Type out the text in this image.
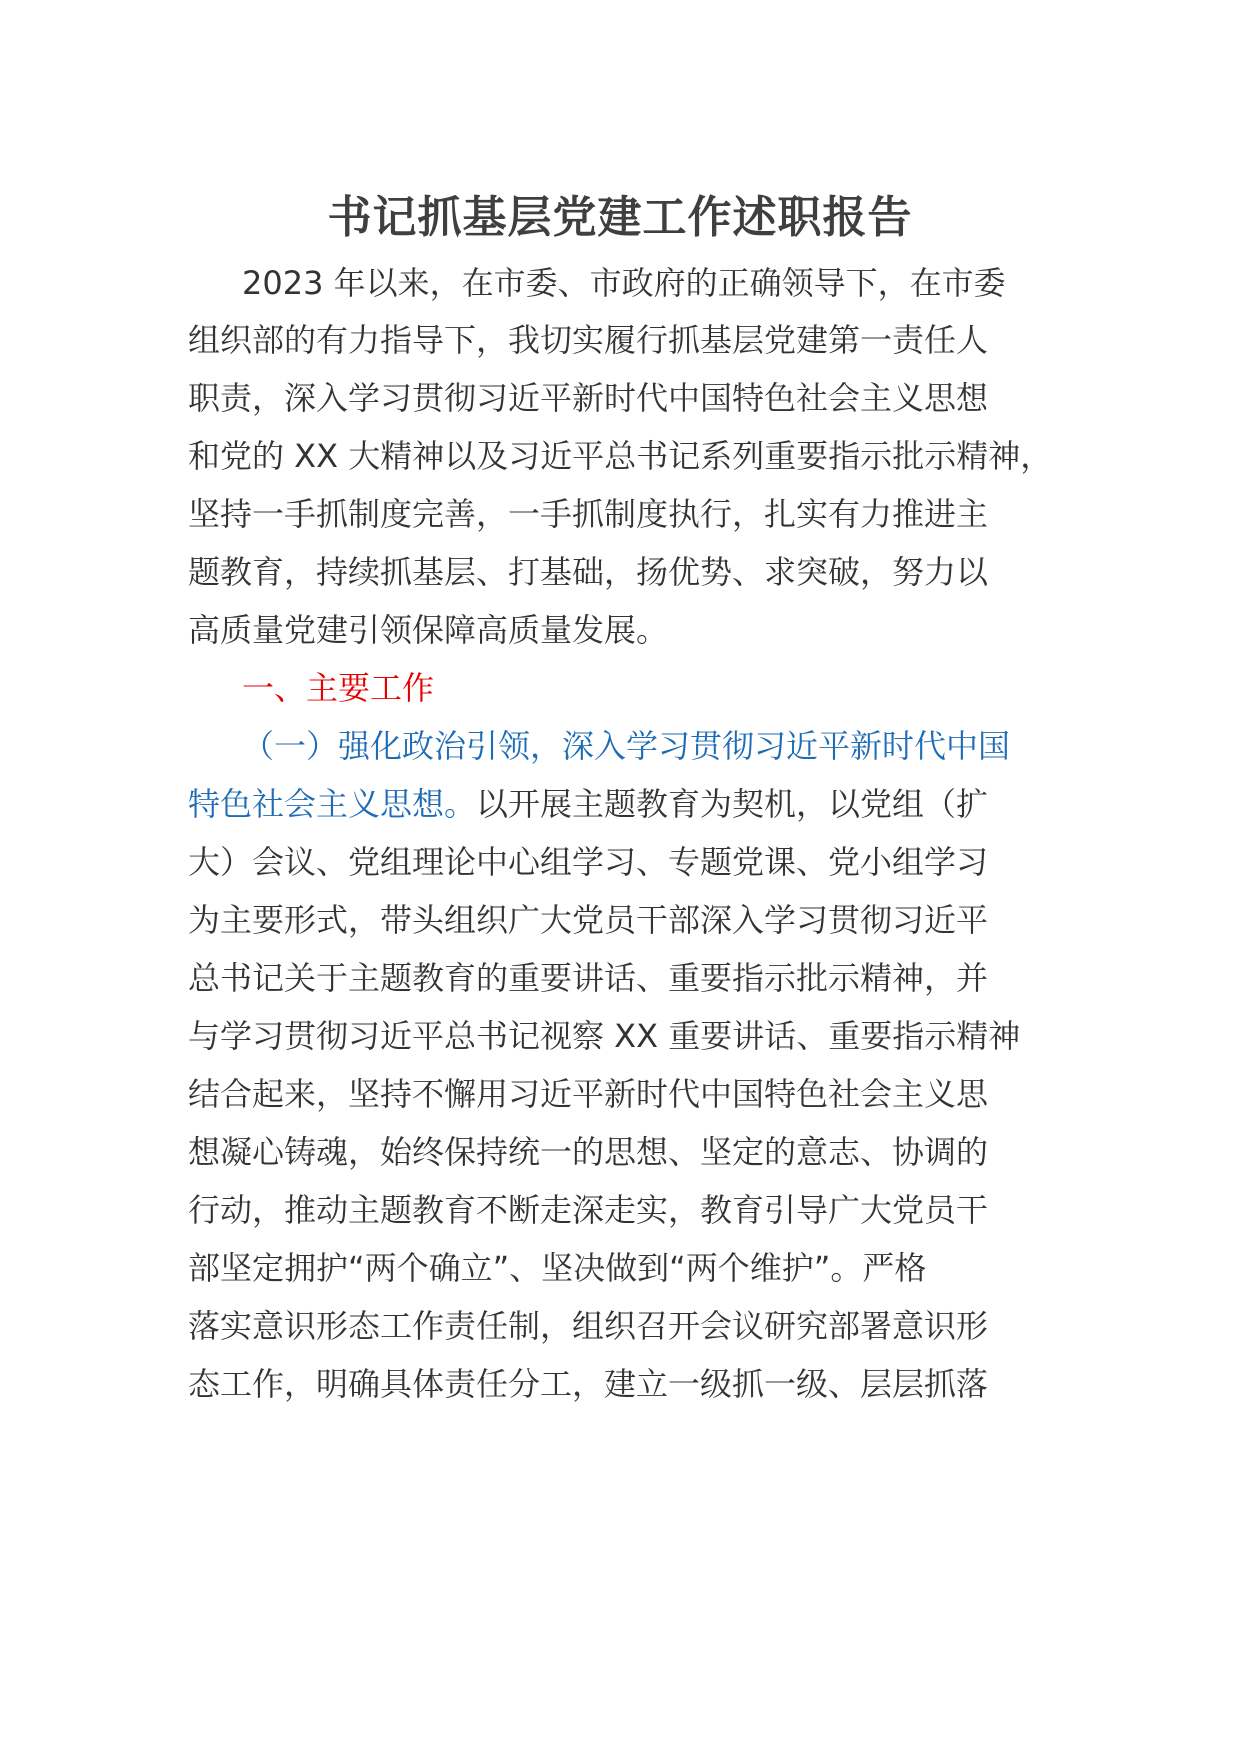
书记抓基层党建工作述职报告

2023 年以来，在市委、市政府的正确领导下，在市委

组织部的有力指导下，我切实履行抓基层党建第一责任人

职责，深入学习贯彻习近平新时代中国特色社会主义思想

和党的 XX 大精神以及习近平总书记系列重要指示批示精神，

坚持一手抓制度完善，一手抓制度执行，扎实有力推进主

题教育，持续抓基层、打基础，扬优势、求突破，努力以

高质量党建引领保障高质量发展。

一、主要工作

（一）强化政治引领，深入学习贯彻习近平新时代中国

特色社会主义思想。以开展主题教育为契机，以党组（扩

大）会议、党组理论中心组学习、专题党课、党小组学习

为主要形式，带头组织广大党员干部深入学习贯彻习近平

总书记关于主题教育的重要讲话、重要指示批示精神，并

与学习贯彻习近平总书记视察 XX 重要讲话、重要指示精神

结合起来，坚持不懈用习近平新时代中国特色社会主义思

想凝心铸魂，始终保持统一的思想、坚定的意志、协调的

行动，推动主题教育不断走深走实，教育引导广大党员干

部坚定拥护“两个确立”、坚决做到“两个维护”。严格

落实意识形态工作责任制，组织召开会议研究部署意识形

态工作，明确具体责任分工，建立一级抓一级、层层抓落
